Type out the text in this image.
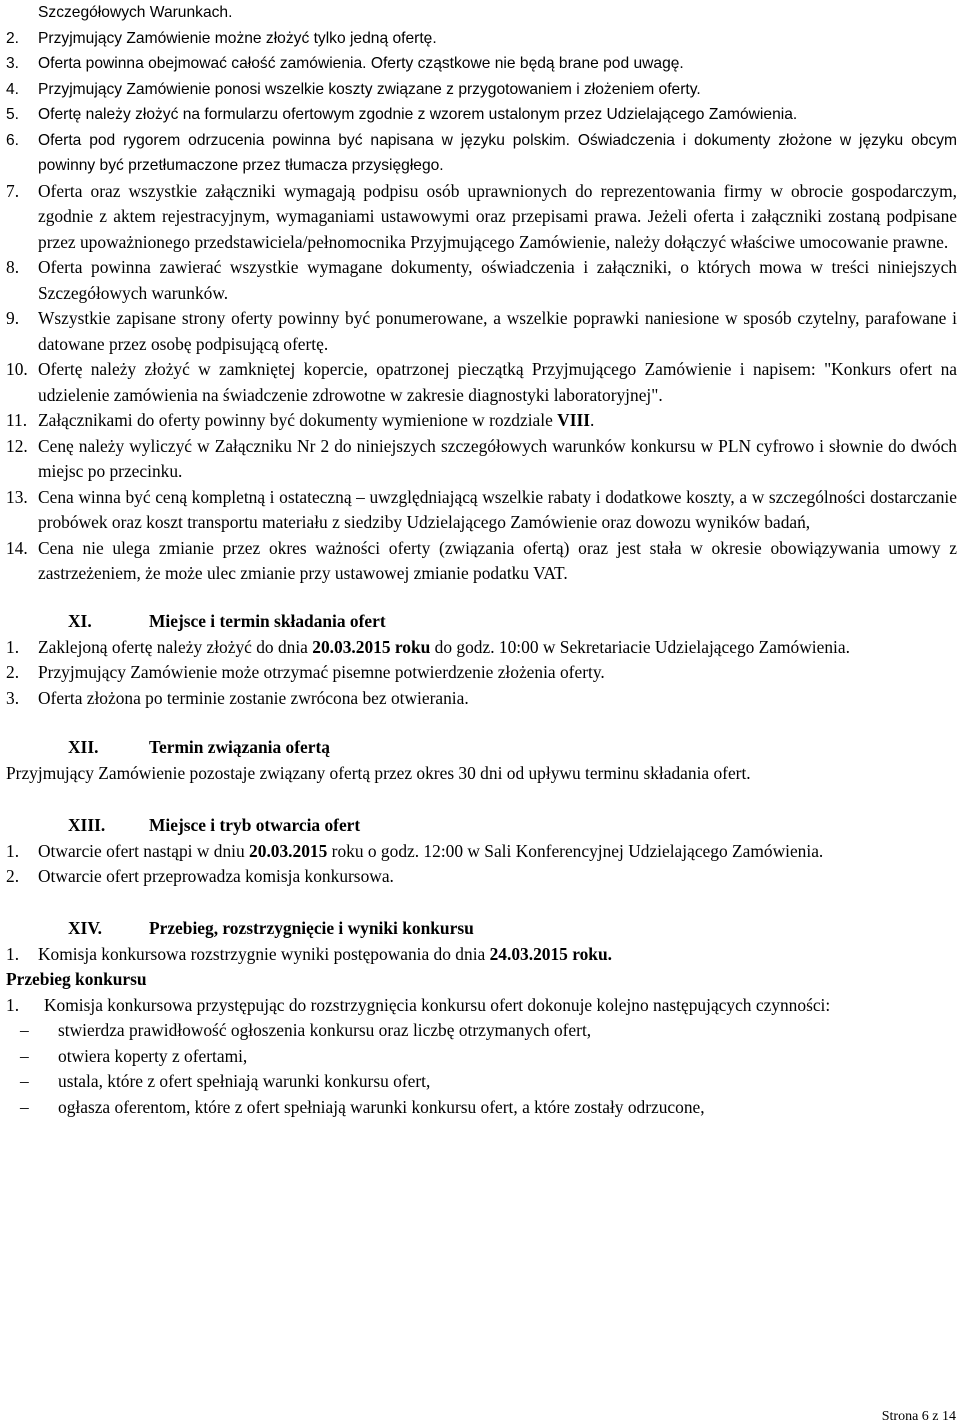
Szczegółowych Warunkach.
2. Przyjmujący Zamówienie możne złożyć tylko jedną ofertę.
3. Oferta powinna obejmować całość zamówienia. Oferty cząstkowe nie będą brane pod uwagę.
4. Przyjmujący Zamówienie ponosi wszelkie koszty związane z przygotowaniem i złożeniem oferty.
5. Ofertę należy złożyć na formularzu ofertowym zgodnie z wzorem ustalonym przez Udzielającego Zamówienia.
6. Oferta pod rygorem odrzucenia powinna być napisana w języku polskim. Oświadczenia i dokumenty złożone w języku obcym powinny być przetłumaczone przez tłumacza przysięgłego.
7. Oferta oraz wszystkie załączniki wymagają podpisu osób uprawnionych do reprezentowania firmy w obrocie gospodarczym, zgodnie z aktem rejestracyjnym, wymaganiami ustawowymi oraz przepisami prawa. Jeżeli oferta i załączniki zostaną podpisane przez upoważnionego przedstawiciela/pełnomocnika Przyjmującego Zamówienie, należy dołączyć właściwe umocowanie prawne.
8. Oferta powinna zawierać wszystkie wymagane dokumenty, oświadczenia i załączniki, o których mowa w treści niniejszych Szczegółowych warunków.
9. Wszystkie zapisane strony oferty powinny być ponumerowane, a wszelkie poprawki naniesione w sposób czytelny, parafowane i datowane przez osobę podpisującą ofertę.
10. Ofertę należy złożyć w zamkniętej kopercie, opatrzonej pieczątką Przyjmującego Zamówienie i napisem: "Konkurs ofert na udzielenie zamówienia na świadczenie zdrowotne w zakresie diagnostyki laboratoryjnej".
11. Załącznikami do oferty powinny być dokumenty wymienione w rozdziale VIII.
12. Cenę należy wyliczyć w Załączniku Nr 2 do niniejszych szczegółowych warunków konkursu w PLN cyfrowo i słownie do dwóch miejsc po przecinku.
13. Cena winna być ceną kompletną i ostateczną – uwzględniającą wszelkie rabaty i dodatkowe koszty, a w szczególności dostarczanie probówek oraz koszt transportu materiału z siedziby Udzielającego Zamówienie oraz dowozu wyników badań,
14. Cena nie ulega zmianie przez okres ważności oferty (związania ofertą) oraz jest stała w okresie obowiązywania umowy z zastrzeżeniem, że może ulec zmianie przy ustawowej zmianie podatku VAT.
XI.	Miejsce i termin składania ofert
1. Zaklejoną ofertę należy złożyć do dnia 20.03.2015 roku do godz. 10:00 w Sekretariacie Udzielającego Zamówienia.
2. Przyjmujący Zamówienie może otrzymać pisemne potwierdzenie złożenia oferty.
3. Oferta złożona po terminie zostanie zwrócona bez otwierania.
XII.	Termin związania ofertą
Przyjmujący Zamówienie pozostaje związany ofertą przez okres 30 dni od upływu terminu składania ofert.
XIII.	Miejsce i tryb otwarcia ofert
1. Otwarcie ofert nastąpi w dniu 20.03.2015 roku o godz. 12:00 w Sali Konferencyjnej Udzielającego Zamówienia.
2. Otwarcie ofert przeprowadza komisja konkursowa.
XIV.	Przebieg, rozstrzygnięcie i wyniki konkursu
1. Komisja konkursowa rozstrzygnie wyniki postępowania do dnia 24.03.2015 roku.
Przebieg konkursu
1. Komisja konkursowa przystępując do rozstrzygnięcia konkursu ofert dokonuje kolejno następujących czynności:
– stwierdza prawidłowość ogłoszenia konkursu oraz liczbę otrzymanych ofert,
– otwiera koperty z ofertami,
– ustala, które z ofert spełniają warunki konkursu ofert,
– ogłasza oferentom, które z ofert spełniają warunki konkursu ofert, a które zostały odrzucone,
Strona 6 z 14
